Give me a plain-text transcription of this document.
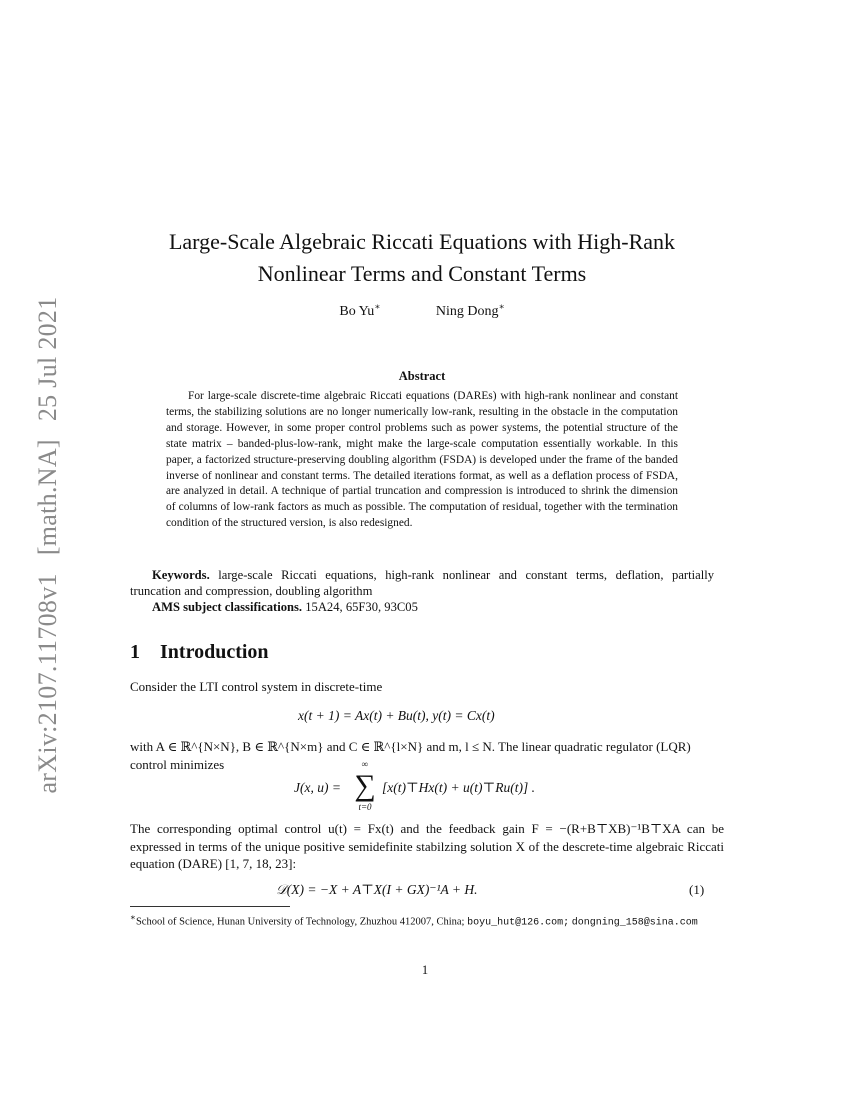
arXiv:2107.11708v1[math.NA]25 Jul 2021
Large-Scale Algebraic Riccati Equations with High-Rank
Nonlinear Terms and Constant Terms
Bo Yu∗	Ning Dong∗
Abstract
For large-scale discrete-time algebraic Riccati equations (DAREs) with high-rank nonlinear and constant terms, the stabilizing solutions are no longer numerically low-rank, resulting in the obstacle in the computation and storage. However, in some proper control problems such as power systems, the potential structure of the state matrix – banded-plus-low-rank, might make the large-scale computation essentially workable. In this paper, a factorized structure-preserving doubling algorithm (FSDA) is developed under the frame of the banded inverse of nonlinear and constant terms. The detailed iterations format, as well as a deflation process of FSDA, are analyzed in detail. A technique of partial truncation and compression is introduced to shrink the dimension of columns of low-rank factors as much as possible. The computation of residual, together with the termination condition of the structured version, is also redesigned.
Keywords. large-scale Riccati equations, high-rank nonlinear and constant terms, deflation, partially truncation and compression, doubling algorithm
AMS subject classifications. 15A24, 65F30, 93C05
1 Introduction
Consider the LTI control system in discrete-time
x(t + 1) = Ax(t) + Bu(t), y(t) = Cx(t)
with A ∈ ℝ^{N×N}, B ∈ ℝ^{N×m} and C ∈ ℝ^{l×N} and m, l ≤ N. The linear quadratic regulator (LQR)
control minimizes
J(x, u) =
∞
∑
t=0
[x(t)⊤Hx(t) + u(t)⊤Ru(t)] .
The corresponding optimal control u(t) = Fx(t) and the feedback gain F = −(R+B⊤XB)⁻¹B⊤XA can be expressed in terms of the unique positive semidefinite stabilzing solution X of the descrete-time algebraic Riccati equation (DARE) [1, 7, 18, 23]:
𝒟(X) = −X + A⊤X(I + GX)⁻¹A + H.	(1)
∗School of Science, Hunan University of Technology, Zhuzhou 412007, China; boyu_hut@126.com; dongning_158@sina.com
1
